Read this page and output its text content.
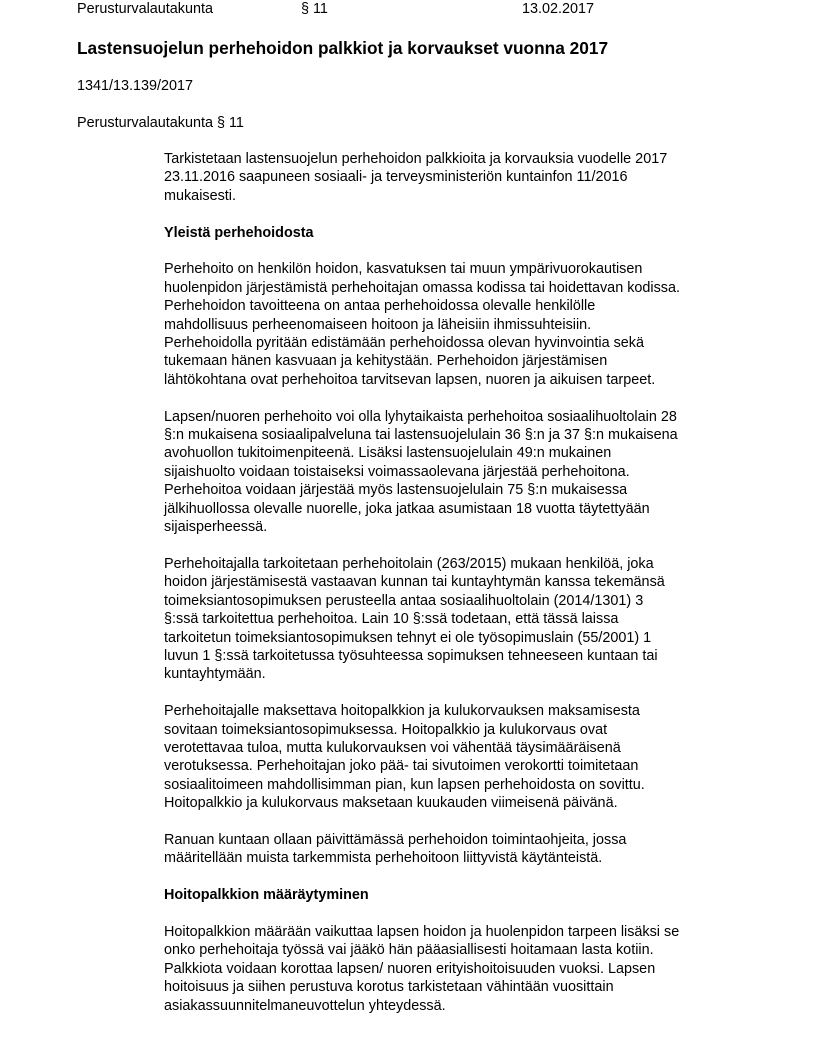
Perusturvalautakunta	§ 11	13.02.2017
Lastensuojelun perhehoidon palkkiot ja korvaukset vuonna 2017

1341/13.139/2017

Perusturvalautakunta § 11

Tarkistetaan lastensuojelun perhehoidon palkkioita ja korvauksia vuodelle 2017
23.11.2016 saapuneen sosiaali- ja terveysministeriön kuntainfon 11/2016
mukaisesti.

Yleistä perhehoidosta

Perhehoito on henkilön hoidon, kasvatuksen tai muun ympärivuorokautisen
huolenpidon järjestämistä perhehoitajan omassa kodissa tai hoidettavan kodissa.
Perhehoidon tavoitteena on antaa perhehoidossa olevalle henkilölle
mahdollisuus perheenomaiseen hoitoon ja läheisiin ihmissuhteisiin.
Perhehoidolla pyritään edistämään perhehoidossa olevan hyvinvointia sekä
tukemaan hänen kasvuaan ja kehitystään. Perhehoidon järjestämisen
lähtökohtana ovat perhehoitoa tarvitsevan lapsen, nuoren ja aikuisen tarpeet.

Lapsen/nuoren perhehoito voi olla lyhytaikaista perhehoitoa sosiaalihuoltolain 28
§:n mukaisena sosiaalipalveluna tai lastensuojelulain 36 §:n ja 37 §:n mukaisena
avohuollon tukitoimenpiteenä. Lisäksi lastensuojelulain 49:n mukainen
sijaishuolto voidaan toistaiseksi voimassaolevana järjestää perhehoitona.
Perhehoitoa voidaan järjestää myös lastensuojelulain 75 §:n mukaisessa
jälkihuollossa olevalle nuorelle, joka jatkaa asumistaan 18 vuotta täytettyään
sijaisperheessä.

Perhehoitajalla tarkoitetaan perhehoitolain (263/2015) mukaan henkilöä, joka
hoidon järjestämisestä vastaavan kunnan tai kuntayhtymän kanssa tekemänsä
toimeksiantosopimuksen perusteella antaa sosiaalihuoltolain (2014/1301) 3
§:ssä tarkoitettua perhehoitoa. Lain 10 §:ssä todetaan, että tässä laissa
tarkoitetun toimeksiantosopimuksen tehnyt ei ole työsopimuslain (55/2001) 1
luvun 1 §:ssä tarkoitetussa työsuhteessa sopimuksen tehneeseen kuntaan tai
kuntayhtymään.

Perhehoitajalle maksettava hoitopalkkion ja kulukorvauksen maksamisesta
sovitaan toimeksiantosopimuksessa. Hoitopalkkio ja kulukorvaus ovat
verotettavaa tuloa, mutta kulukorvauksen voi vähentää täysimääräisenä
verotuksessa. Perhehoitajan joko pää- tai sivutoimen verokortti toimitetaan
sosiaalitoimeen mahdollisimman pian, kun lapsen perhehoidosta on sovittu.
Hoitopalkkio ja kulukorvaus maksetaan kuukauden viimeisenä päivänä.

Ranuan kuntaan ollaan päivittämässä perhehoidon toimintaohjeita, jossa
määritellään muista tarkemmista perhehoitoon liittyvistä käytänteistä.

Hoitopalkkion määräytyminen

Hoitopalkkion määrään vaikuttaa lapsen hoidon ja huolenpidon tarpeen lisäksi se
onko perhehoitaja työssä vai jääkö hän pääasiallisesti hoitamaan lasta kotiin.
Palkkiota voidaan korottaa lapsen/ nuoren erityishoitoisuuden vuoksi. Lapsen
hoitoisuus ja siihen perustuva korotus tarkistetaan vähintään vuosittain
asiakassuunnitelmaneuvottelun yhteydessä.
